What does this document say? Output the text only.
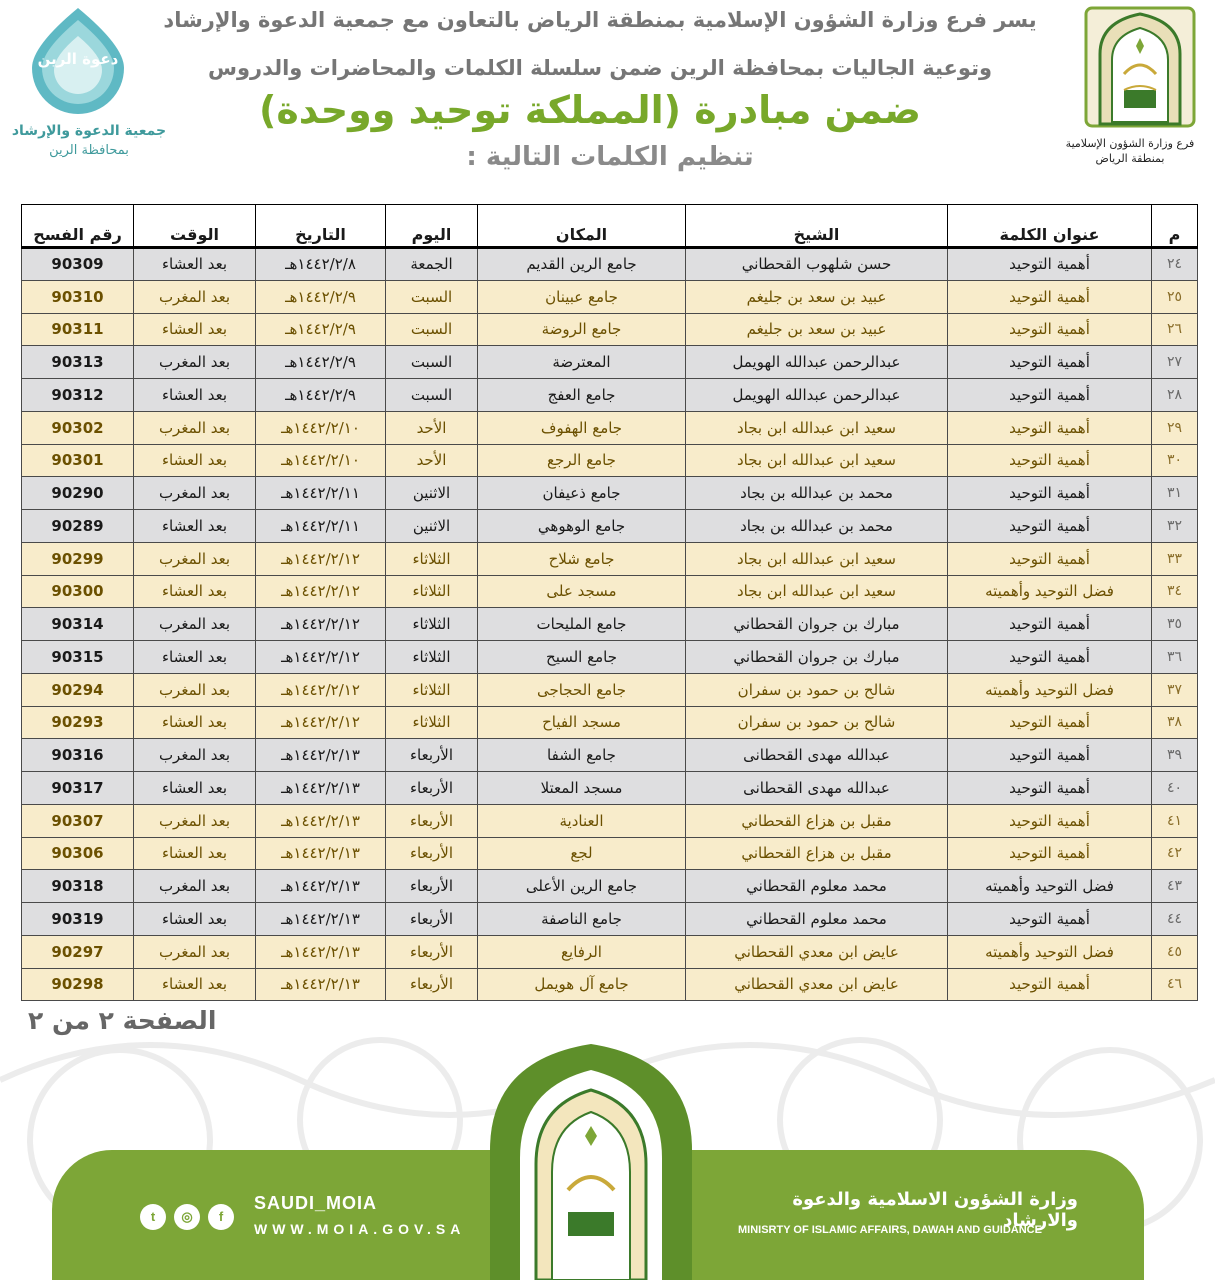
فرع وزارة الشؤون الإسلامية
بمنطقة الرياض
دعوة الرين
جمعية الدعوة والإرشاد
بمحافظة الرين
يسر فرع وزارة الشؤون الإسلامية بمنطقة الرياض بالتعاون مع جمعية الدعوة والإرشاد
وتوعية الجاليات بمحافظة الرين ضمن سلسلة الكلمات والمحاضرات والدروس
ضمن مبادرة (المملكة توحيد ووحدة)
تنظيم الكلمات التالية :
م	عنوان الكلمة	الشيخ	المكان	اليوم	التاريخ	الوقت	رقم الفسح
٢٤	أهمية التوحيد	حسن شلهوب القحطاني	جامع الرين القديم	الجمعة	١٤٤٢/٢/٨هـ	بعد العشاء	90309
٢٥	أهمية التوحيد	عبيد بن سعد بن جليغم	جامع عبينان	السبت	١٤٤٢/٢/٩هـ	بعد المغرب	90310
٢٦	أهمية التوحيد	عبيد بن سعد بن جليغم	جامع الروضة	السبت	١٤٤٢/٢/٩هـ	بعد العشاء	90311
٢٧	أهمية التوحيد	عبدالرحمن عبدالله الهويمل	المعترضة	السبت	١٤٤٢/٢/٩هـ	بعد المغرب	90313
٢٨	أهمية التوحيد	عبدالرحمن عبدالله الهويمل	جامع العفج	السبت	١٤٤٢/٢/٩هـ	بعد العشاء	90312
٢٩	أهمية التوحيد	سعيد ابن عبدالله ابن بجاد	جامع الهفوف	الأحد	١٤٤٢/٢/١٠هـ	بعد المغرب	90302
٣٠	أهمية التوحيد	سعيد ابن عبدالله ابن بجاد	جامع الرجع	الأحد	١٤٤٢/٢/١٠هـ	بعد العشاء	90301
٣١	أهمية التوحيد	محمد بن عبدالله بن بجاد	جامع ذعيفان	الاثنين	١٤٤٢/٢/١١هـ	بعد المغرب	90290
٣٢	أهمية التوحيد	محمد بن عبدالله بن بجاد	جامع الوهوهي	الاثنين	١٤٤٢/٢/١١هـ	بعد العشاء	90289
٣٣	أهمية التوحيد	سعيد ابن عبدالله ابن بجاد	جامع شلاح	الثلاثاء	١٤٤٢/٢/١٢هـ	بعد المغرب	90299
٣٤	فضل التوحيد وأهميته	سعيد ابن عبدالله ابن بجاد	مسجد على	الثلاثاء	١٤٤٢/٢/١٢هـ	بعد العشاء	90300
٣٥	أهمية التوحيد	مبارك بن جروان القحطاني	جامع المليحات	الثلاثاء	١٤٤٢/٢/١٢هـ	بعد المغرب	90314
٣٦	أهمية التوحيد	مبارك بن جروان القحطاني	جامع السيح	الثلاثاء	١٤٤٢/٢/١٢هـ	بعد العشاء	90315
٣٧	فضل التوحيد وأهميته	شالح بن حمود بن سفران	جامع الحجاجى	الثلاثاء	١٤٤٢/٢/١٢هـ	بعد المغرب	90294
٣٨	أهمية التوحيد	شالح بن حمود بن سفران	مسجد الفياح	الثلاثاء	١٤٤٢/٢/١٢هـ	بعد العشاء	90293
٣٩	أهمية التوحيد	عبدالله مهدى القحطانى	جامع الشفا	الأربعاء	١٤٤٢/٢/١٣هـ	بعد المغرب	90316
٤٠	أهمية التوحيد	عبدالله مهدى القحطانى	مسجد المعتلا	الأربعاء	١٤٤٢/٢/١٣هـ	بعد العشاء	90317
٤١	أهمية التوحيد	مقبل بن هزاع القحطاني	العنادية	الأربعاء	١٤٤٢/٢/١٣هـ	بعد المغرب	90307
٤٢	أهمية التوحيد	مقبل بن هزاع القحطاني	لجع	الأربعاء	١٤٤٢/٢/١٣هـ	بعد العشاء	90306
٤٣	فضل التوحيد وأهميته	محمد معلوم القحطاني	جامع الرين الأعلى	الأربعاء	١٤٤٢/٢/١٣هـ	بعد المغرب	90318
٤٤	أهمية التوحيد	محمد معلوم القحطاني	جامع الناصفة	الأربعاء	١٤٤٢/٢/١٣هـ	بعد العشاء	90319
٤٥	فضل التوحيد وأهميته	عايض ابن معدي القحطاني	الرفايع	الأربعاء	١٤٤٢/٢/١٣هـ	بعد المغرب	90297
٤٦	أهمية التوحيد	عايض ابن معدي القحطاني	جامع آل هويمل	الأربعاء	١٤٤٢/٢/١٣هـ	بعد العشاء	90298
الصفحة ٢ من ٢
SAUDI_MOIA
WWW.MOIA.GOV.SA
t	◎	f
وزارة الشؤون الاسلامية والدعوة والارشاد
MINISRTY OF ISLAMIC AFFAIRS, DAWAH AND GUIDANCE
